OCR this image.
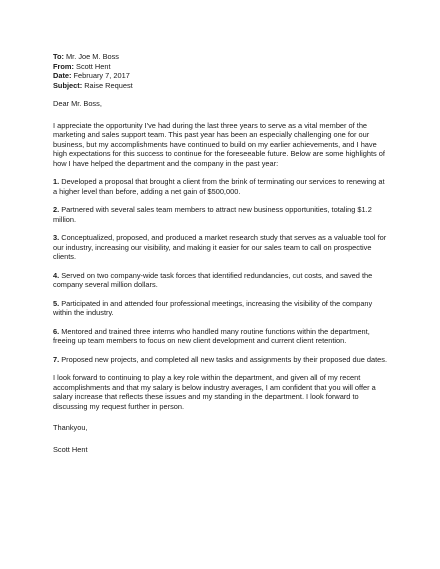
To: Mr. Joe M. Boss
From: Scott Hent
Date: February 7, 2017
Subject: Raise Request
Dear Mr. Boss,
I appreciate the opportunity I've had during the last three years to serve as a vital member of the marketing and sales support team. This past year has been an especially challenging one for our business, but my accomplishments have continued to build on my earlier achievements, and I have high expectations for this success to continue for the foreseeable future. Below are some highlights of how I have helped the department and the company in the past year:
1. Developed a proposal that brought a client from the brink of terminating our services to renewing at a higher level than before, adding a net gain of $500,000.
2. Partnered with several sales team members to attract new business opportunities, totaling $1.2 million.
3. Conceptualized, proposed, and produced a market research study that serves as a valuable tool for our industry, increasing our visibility, and making it easier for our sales team to call on prospective clients.
4. Served on two company-wide task forces that identified redundancies, cut costs, and saved the company several million dollars.
5. Participated in and attended four professional meetings, increasing the visibility of the company within the industry.
6. Mentored and trained three interns who handled many routine functions within the department, freeing up team members to focus on new client development and current client retention.
7. Proposed new projects, and completed all new tasks and assignments by their proposed due dates.
I look forward to continuing to play a key role within the department, and given all of my recent accomplishments and that my salary is below industry averages, I am confident that you will offer a salary increase that reflects these issues and my standing in the department. I look forward to discussing my request further in person.
Thankyou,
Scott Hent
